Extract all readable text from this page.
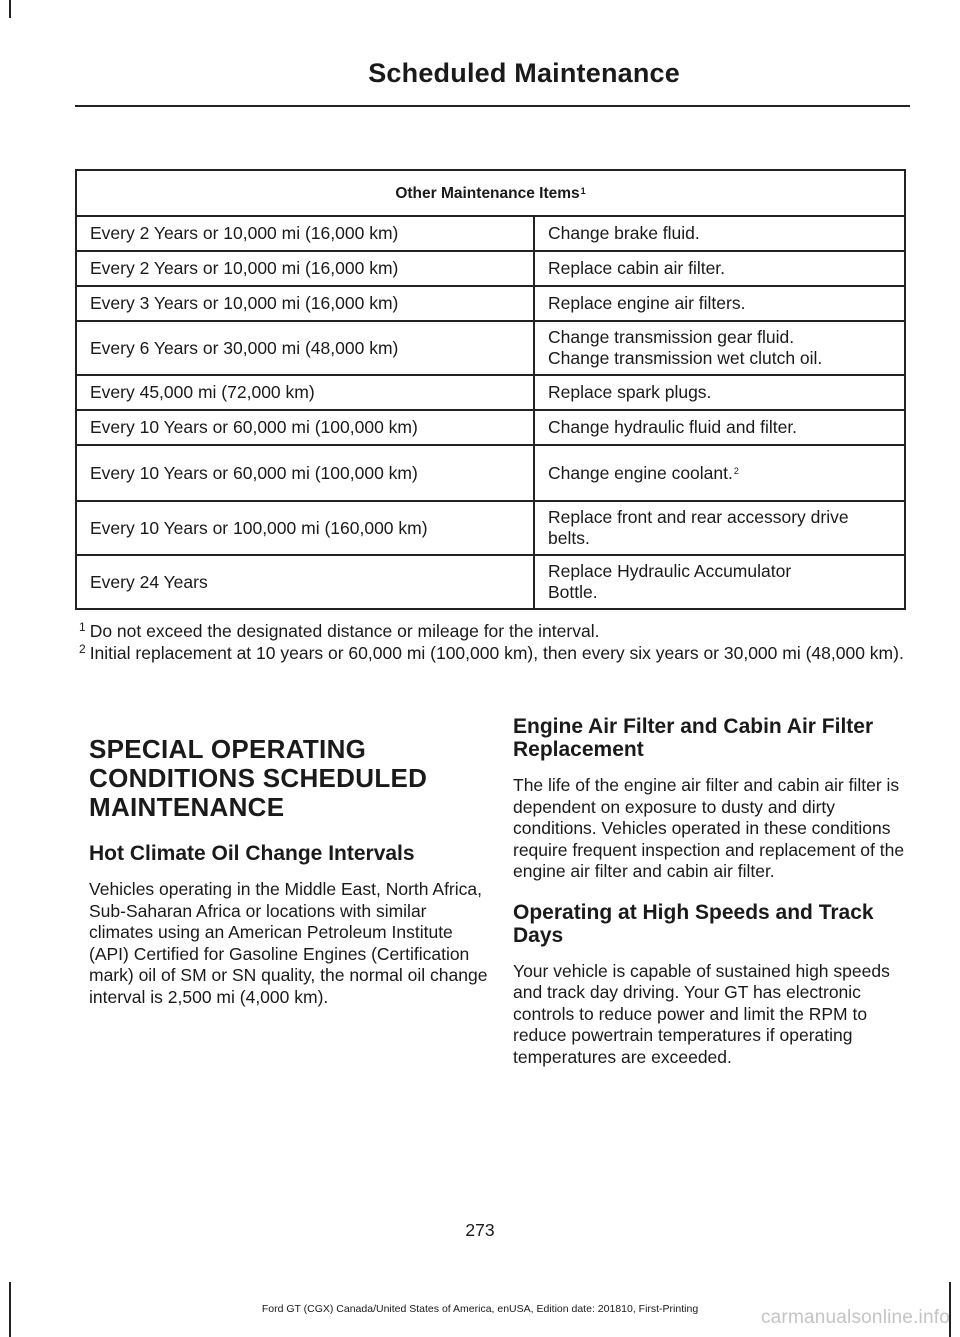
Scheduled Maintenance
Other Maintenance Items$^1$
Every 2 Years or 10,000 mi (16,000 km)	Change brake fluid.

Every 2 Years or 10,000 mi (16,000 km)	Replace cabin air filter.

Every 3 Years or 10,000 mi (16,000 km)	Replace engine air filters.

Every 6 Years or 30,000 mi (48,000 km)	Change transmission gear fluid.
Change transmission wet clutch oil.

Every 45,000 mi (72,000 km)	Replace spark plugs.

Every 10 Years or 60,000 mi (100,000 km)	Change hydraulic fluid and filter.

Every 10 Years or 60,000 mi (100,000 km)	Change engine coolant.$^2$
Every 10 Years or 100,000 mi (160,000 km)	Replace front and rear accessory drive
belts.

Every 24 Years	Replace Hydraulic Accumulator
Bottle.

$^1$ Do not exceed the designated distance or mileage for the interval.

$^2$ Initial replacement at 10 years or 60,000 mi (100,000 km), then every six years or 30,000 mi (48,000 km).

SPECIAL OPERATING
CONDITIONS SCHEDULED
MAINTENANCE
Hot Climate Oil Change Intervals

Vehicles operating in the Middle East, North Africa, Sub-Saharan Africa or locations with similar climates using an American Petroleum Institute (API) Certified for Gasoline Engines (Certification mark) oil of SM or SN quality, the normal oil change interval is 2,500 mi (4,000 km).

Engine Air Filter and Cabin Air Filter Replacement

The life of the engine air filter and cabin air filter is dependent on exposure to dusty and dirty conditions. Vehicles operated in these conditions require frequent inspection and replacement of the engine air filter and cabin air filter.

Operating at High Speeds and Track Days

Your vehicle is capable of sustained high speeds and track day driving. Your GT has electronic controls to reduce power and limit the RPM to reduce powertrain temperatures if operating temperatures are exceeded.

273
Ford GT (CGX) Canada/United States of America, enUSA, Edition date: 201810, First-Printing	carmanualsonline.info
